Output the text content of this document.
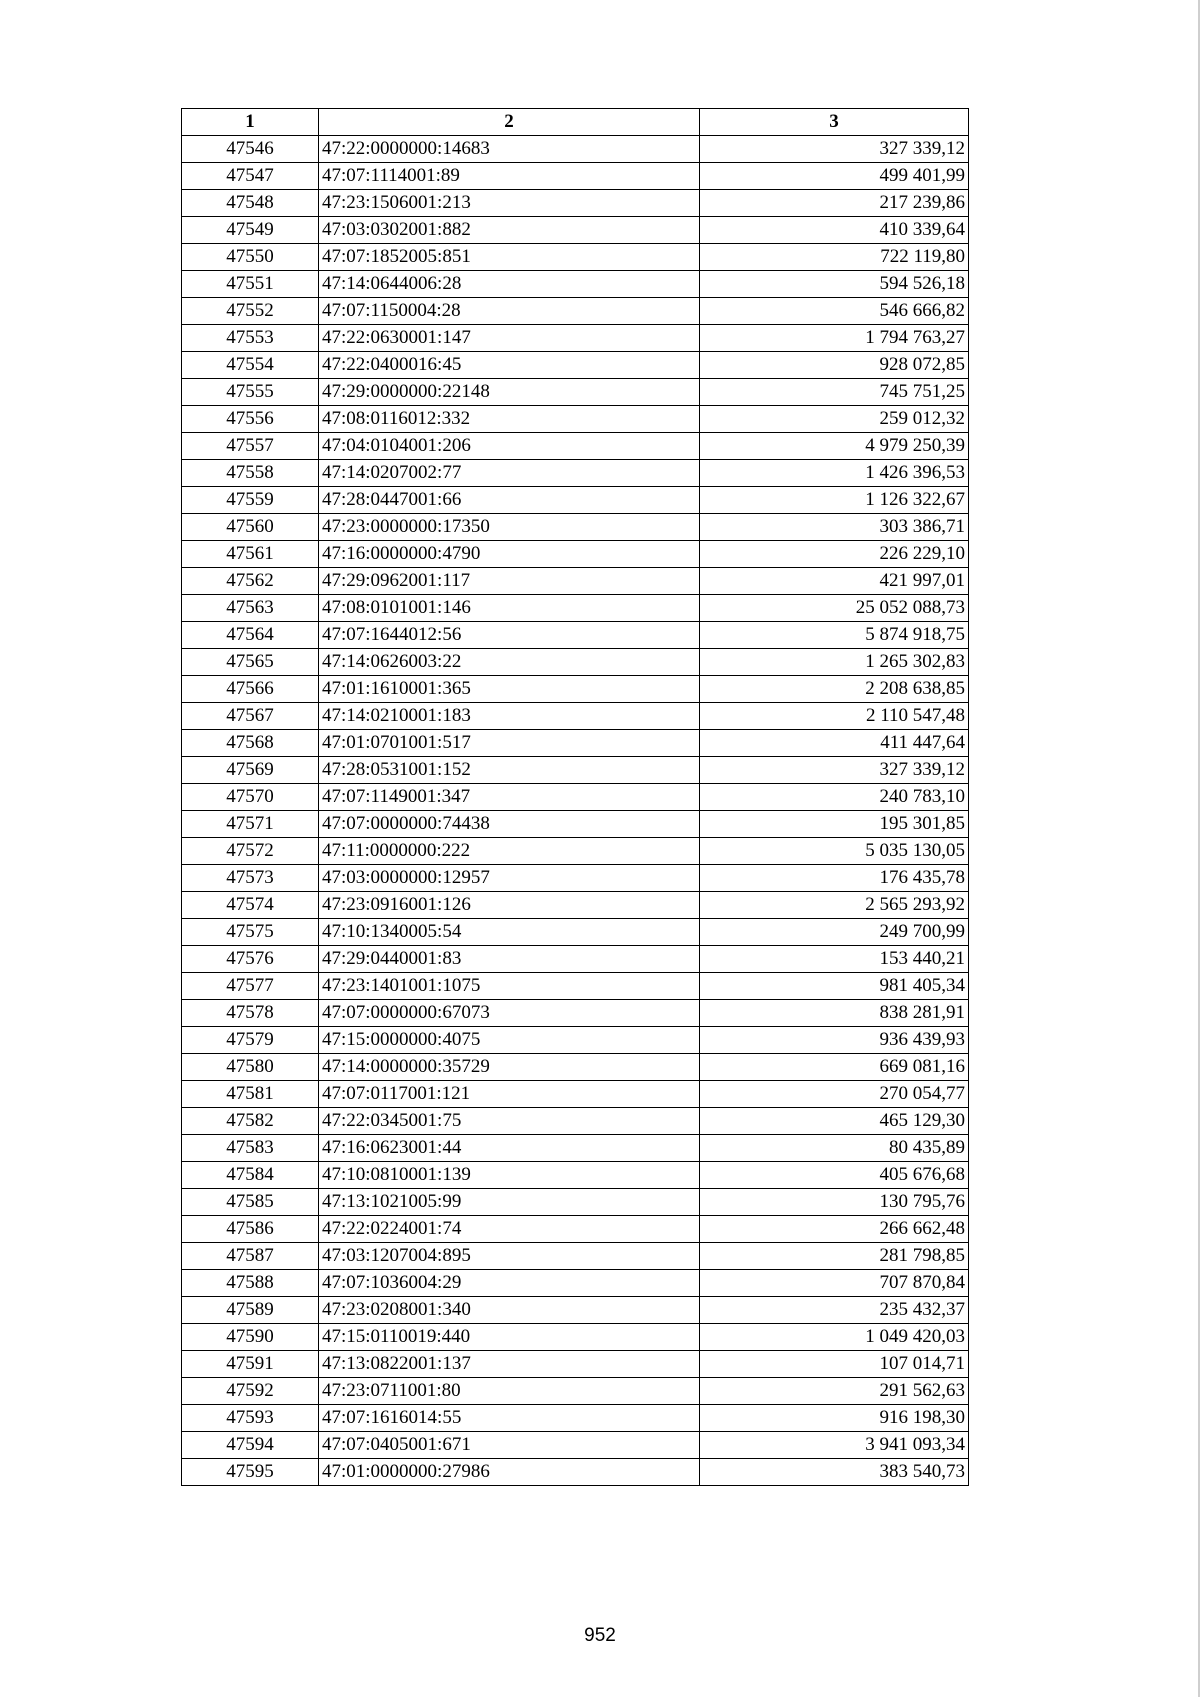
1	2	3
47546	47:22:0000000:14683	327 339,12
47547	47:07:1114001:89	499 401,99
47548	47:23:1506001:213	217 239,86
47549	47:03:0302001:882	410 339,64
47550	47:07:1852005:851	722 119,80
47551	47:14:0644006:28	594 526,18
47552	47:07:1150004:28	546 666,82
47553	47:22:0630001:147	1 794 763,27
47554	47:22:0400016:45	928 072,85
47555	47:29:0000000:22148	745 751,25
47556	47:08:0116012:332	259 012,32
47557	47:04:0104001:206	4 979 250,39
47558	47:14:0207002:77	1 426 396,53
47559	47:28:0447001:66	1 126 322,67
47560	47:23:0000000:17350	303 386,71
47561	47:16:0000000:4790	226 229,10
47562	47:29:0962001:117	421 997,01
47563	47:08:0101001:146	25 052 088,73
47564	47:07:1644012:56	5 874 918,75
47565	47:14:0626003:22	1 265 302,83
47566	47:01:1610001:365	2 208 638,85
47567	47:14:0210001:183	2 110 547,48
47568	47:01:0701001:517	411 447,64
47569	47:28:0531001:152	327 339,12
47570	47:07:1149001:347	240 783,10
47571	47:07:0000000:74438	195 301,85
47572	47:11:0000000:222	5 035 130,05
47573	47:03:0000000:12957	176 435,78
47574	47:23:0916001:126	2 565 293,92
47575	47:10:1340005:54	249 700,99
47576	47:29:0440001:83	153 440,21
47577	47:23:1401001:1075	981 405,34
47578	47:07:0000000:67073	838 281,91
47579	47:15:0000000:4075	936 439,93
47580	47:14:0000000:35729	669 081,16
47581	47:07:0117001:121	270 054,77
47582	47:22:0345001:75	465 129,30
47583	47:16:0623001:44	80 435,89
47584	47:10:0810001:139	405 676,68
47585	47:13:1021005:99	130 795,76
47586	47:22:0224001:74	266 662,48
47587	47:03:1207004:895	281 798,85
47588	47:07:1036004:29	707 870,84
47589	47:23:0208001:340	235 432,37
47590	47:15:0110019:440	1 049 420,03
47591	47:13:0822001:137	107 014,71
47592	47:23:0711001:80	291 562,63
47593	47:07:1616014:55	916 198,30
47594	47:07:0405001:671	3 941 093,34
47595	47:01:0000000:27986	383 540,73
952
